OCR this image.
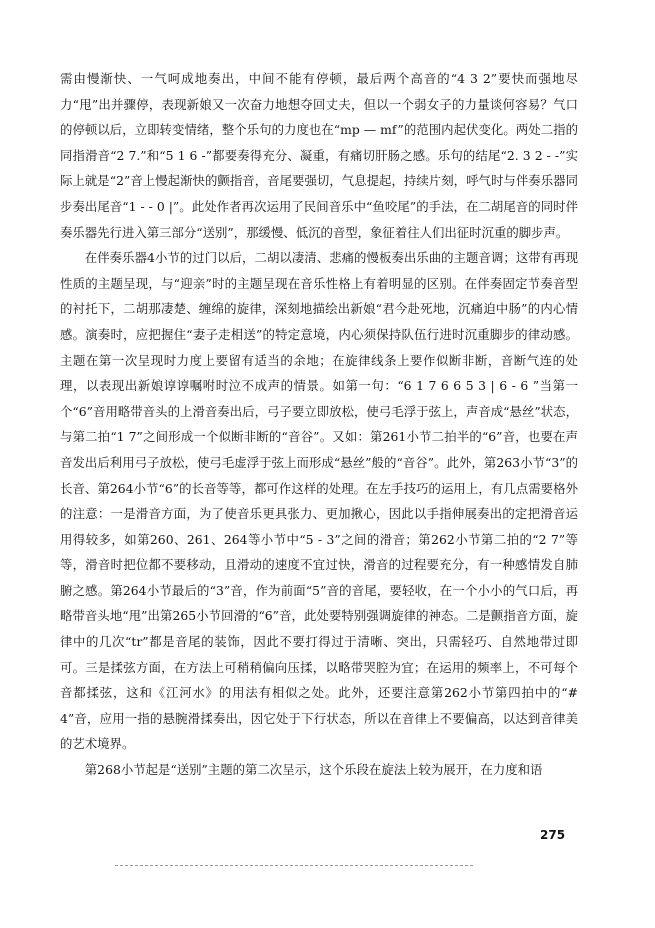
需由慢渐快、一气呵成地奏出，中间不能有停顿，最后两个高音的“4 3 2”要快而强地尽力“甩”出并骤停，表现新娘又一次奋力地想夺回丈夫，但以一个弱女子的力量谈何容易？气口的停顿以后，立即转变情绪，整个乐句的力度也在“mp — mf”的范围内起伏变化。两处二指的同指滑音“2 7.”和“5 1 6 -”都要奏得充分、凝重，有痛切肝肠之感。乐句的结尾“2. 3 2 - -”实际上就是“2”音上慢起渐快的颤指音，音尾要强切，气息提起，持续片刻，呼气时与伴奏乐器同步奏出尾音“1 - - 0 |”。此处作者再次运用了民间音乐中“鱼咬尾”的手法，在二胡尾音的同时伴奏乐器先行进入第三部分“送别”，那缓慢、低沉的音型，象征着往人们出征时沉重的脚步声。

在伴奏乐器4小节的过门以后，二胡以凄清、悲痛的慢板奏出乐曲的主题音调；这带有再现性质的主题呈现，与“迎亲”时的主题呈现在音乐性格上有着明显的区别。在伴奏固定节奏音型的衬托下，二胡那凄楚、缠绵的旋律，深刻地描绘出新娘“君今赴死地，沉痛迫中肠”的内心情感。演奏时，应把握住“妻子走相送”的特定意境，内心须保持队伍行进时沉重脚步的律动感。主题在第一次呈现时力度上要留有适当的余地；在旋律线条上要作似断非断，音断气连的处理，以表现出新娘谆谆嘱咐时泣不成声的情景。如第一句：“6 1 7 6 6 5 3 | 6 - 6 ”当第一个“6”音用略带音头的上滑音奏出后，弓子要立即放松，使弓毛浮于弦上，声音成“悬丝”状态，与第二拍“1 7”之间形成一个似断非断的“音谷”。又如：第261小节二拍半的“6”音，也要在声音发出后利用弓子放松，使弓毛虚浮于弦上而形成“悬丝”般的“音谷”。此外，第263小节“3”的长音、第264小节“6”的长音等等，都可作这样的处理。在左手技巧的运用上，有几点需要格外的注意：一是滑音方面，为了使音乐更具张力、更加揪心，因此以手指伸展奏出的定把滑音运用得较多，如第260、261、264等小节中“5 - 3”之间的滑音；第262小节第二拍的“2 7”等等，滑音时把位都不要移动，且滑动的速度不宜过快，滑音的过程要充分，有一种感情发自肺腑之感。第264小节最后的“3”音，作为前面“5”音的音尾，要轻收，在一个小小的气口后，再略带音头地“甩”出第265小节回滑的“6”音，此处要特别强调旋律的神态。二是颤指音方面，旋律中的几次“tr”都是音尾的装饰，因此不要打得过于清晰、突出，只需轻巧、自然地带过即可。三是揉弦方面，在方法上可稍稍偏向压揉，以略带哭腔为宜；在运用的频率上，不可每个音都揉弦，这和《江河水》的用法有相似之处。此外，还要注意第262小节第四拍中的“#4”音，应用一指的悬腕滑揉奏出，因它处于下行状态，所以在音律上不要偏高，以达到音律美的艺术境界。

第268小节起是“送别”主题的第二次呈示，这个乐段在旋法上较为展开，在力度和语

275
